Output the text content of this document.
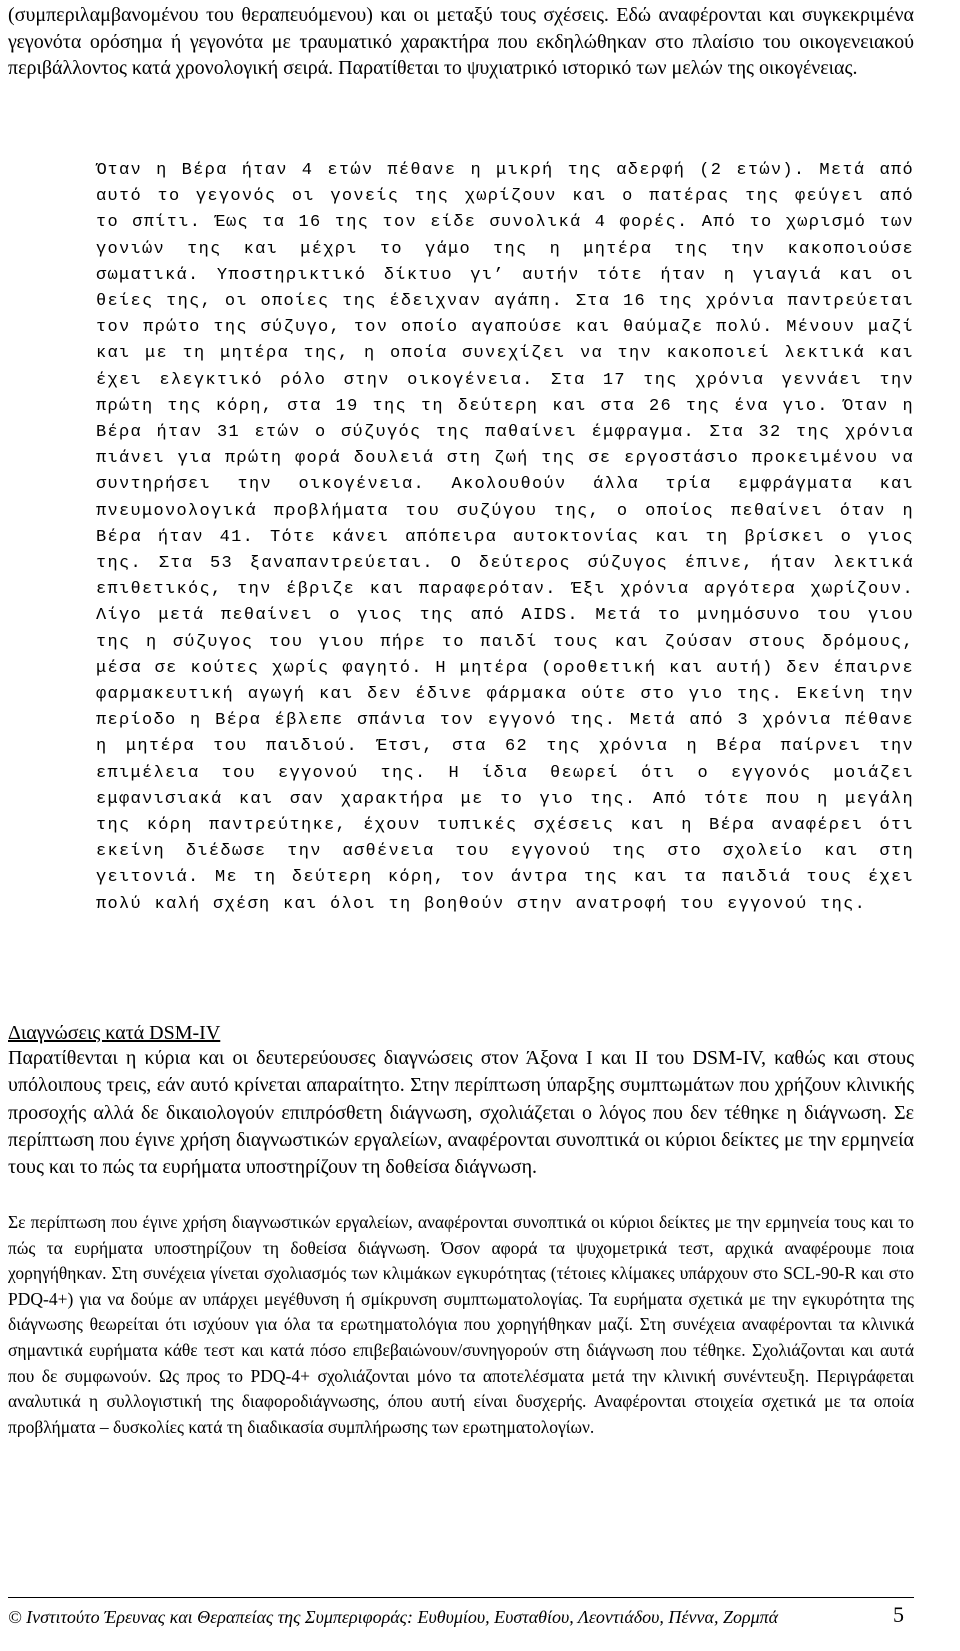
(συμπεριλαμβανομένου του θεραπευόμενου) και οι μεταξύ τους σχέσεις. Εδώ αναφέρονται και συγκεκριμένα γεγονότα ορόσημα ή γεγονότα με τραυματικό χαρακτήρα που εκδηλώθηκαν στο πλαίσιο του οικογενειακού περιβάλλοντος κατά χρονολογική σειρά. Παρατίθεται το ψυχιατρικό ιστορικό των μελών της οικογένειας.

Όταν η Βέρα ήταν 4 ετών πέθανε η μικρή της αδερφή (2 ετών). Μετά από αυτό το γεγονός οι γονείς της χωρίζουν και ο πατέρας της φεύγει από το σπίτι. Έως τα 16 της τον είδε συνολικά 4 φορές. Από το χωρισμό των γονιών της και μέχρι το γάμο της η μητέρα της την κακοποιούσε σωματικά. Υποστηρικτικό δίκτυο γι’ αυτήν τότε ήταν η γιαγιά και οι θείες της, οι οποίες της έδειχναν αγάπη. Στα 16 της χρόνια παντρεύεται τον πρώτο της σύζυγο, τον οποίο αγαπούσε και θαύμαζε πολύ. Μένουν μαζί και με τη μητέρα της, η οποία συνεχίζει να την κακοποιεί λεκτικά και έχει ελεγκτικό ρόλο στην οικογένεια. Στα 17 της χρόνια γεννάει την πρώτη της κόρη, στα 19 της τη δεύτερη και στα 26 της ένα γιο. Όταν η Βέρα ήταν 31 ετών ο σύζυγός της παθαίνει έμφραγμα. Στα 32 της χρόνια πιάνει για πρώτη φορά δουλειά στη ζωή της σε εργοστάσιο προκειμένου να συντηρήσει την οικογένεια. Ακολουθούν άλλα τρία εμφράγματα και πνευμονολογικά προβλήματα του συζύγου της, ο οποίος πεθαίνει όταν η Βέρα ήταν 41. Τότε κάνει απόπειρα αυτοκτονίας και τη βρίσκει ο γιος της. Στα 53 ξαναπαντρεύεται. Ο δεύτερος σύζυγος έπινε, ήταν λεκτικά επιθετικός, την έβριζε και παραφερόταν. Έξι χρόνια αργότερα χωρίζουν. Λίγο μετά πεθαίνει ο γιος της από AIDS. Μετά το μνημόσυνο του γιου της η σύζυγος του γιου πήρε το παιδί τους και ζούσαν στους δρόμους, μέσα σε κούτες χωρίς φαγητό. Η μητέρα (οροθετική και αυτή) δεν έπαιρνε φαρμακευτική αγωγή και δεν έδινε φάρμακα ούτε στο γιο της. Εκείνη την περίοδο η Βέρα έβλεπε σπάνια τον εγγονό της. Μετά από 3 χρόνια πέθανε η μητέρα του παιδιού. Έτσι, στα 62 της χρόνια η Βέρα παίρνει την επιμέλεια του εγγονού της. Η ίδια θεωρεί ότι ο εγγονός μοιάζει εμφανισιακά και σαν χαρακτήρα με το γιο της. Από τότε που η μεγάλη της κόρη παντρεύτηκε, έχουν τυπικές σχέσεις και η Βέρα αναφέρει ότι εκείνη διέδωσε την ασθένεια του εγγονού της στο σχολείο και στη γειτονιά. Με τη δεύτερη κόρη, τον άντρα της και τα παιδιά τους έχει πολύ καλή σχέση και όλοι τη βοηθούν στην ανατροφή του εγγονού της.

Διαγνώσεις κατά DSM-IV

Παρατίθενται η κύρια και οι δευτερεύουσες διαγνώσεις στον Άξονα Ι και ΙΙ του DSM-IV, καθώς και στους υπόλοιπους τρεις, εάν αυτό κρίνεται απαραίτητο. Στην περίπτωση ύπαρξης συμπτωμάτων που χρήζουν κλινικής προσοχής αλλά δε δικαιολογούν επιπρόσθετη διάγνωση, σχολιάζεται ο λόγος που δεν τέθηκε η διάγνωση. Σε περίπτωση που έγινε χρήση διαγνωστικών εργαλείων, αναφέρονται συνοπτικά οι κύριοι δείκτες με την ερμηνεία τους και το πώς τα ευρήματα υποστηρίζουν τη δοθείσα διάγνωση.

Σε περίπτωση που έγινε χρήση διαγνωστικών εργαλείων, αναφέρονται συνοπτικά οι κύριοι δείκτες με την ερμηνεία τους και το πώς τα ευρήματα υποστηρίζουν τη δοθείσα διάγνωση. Όσον αφορά τα ψυχομετρικά τεστ, αρχικά αναφέρουμε ποια χορηγήθηκαν. Στη συνέχεια γίνεται σχολιασμός των κλιμάκων εγκυρότητας (τέτοιες κλίμακες υπάρχουν στο SCL-90-R και στο PDQ-4+) για να δούμε αν υπάρχει μεγέθυνση ή σμίκρυνση συμπτωματολογίας. Τα ευρήματα σχετικά με την εγκυρότητα της διάγνωσης θεωρείται ότι ισχύουν για όλα τα ερωτηματολόγια που χορηγήθηκαν μαζί. Στη συνέχεια αναφέρονται τα κλινικά σημαντικά ευρήματα κάθε τεστ και κατά πόσο επιβεβαιώνουν/συνηγορούν στη διάγνωση που τέθηκε. Σχολιάζονται και αυτά που δε συμφωνούν. Ως προς το PDQ-4+ σχολιάζονται μόνο τα αποτελέσματα μετά την κλινική συνέντευξη. Περιγράφεται αναλυτικά η συλλογιστική της διαφοροδιάγνωσης, όπου αυτή είναι δυσχερής. Αναφέρονται στοιχεία σχετικά με τα οποία προβλήματα – δυσκολίες κατά τη διαδικασία συμπλήρωσης των ερωτηματολογίων.

© Ινστιτούτο Έρευνας και Θεραπείας της Συμπεριφοράς: Ευθυμίου, Ευσταθίου, Λεοντιάδου, Πέννα, Ζορμπά	5
